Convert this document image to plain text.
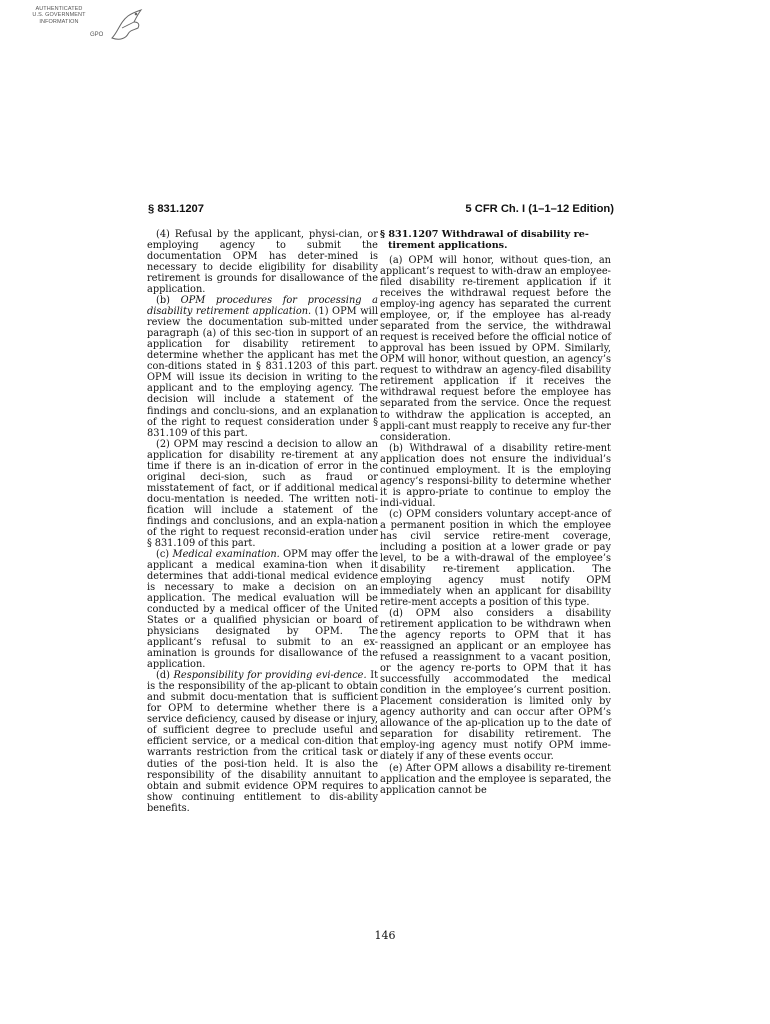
AUTHENTICATED
U.S. GOVERNMENT
INFORMATION
GPO
§ 831.1207	5 CFR Ch. I (1–1–12 Edition)

(4) Refusal by the applicant, physi-cian, or employing agency to submit the documentation OPM has deter-mined is necessary to decide eligibility for disability retirement is grounds for disallowance of the application.

(b) OPM procedures for processing a disability retirement application. (1) OPM will review the documentation sub-mitted under paragraph (a) of this sec-tion in support of an application for disability retirement to determine whether the applicant has met the con-ditions stated in § 831.1203 of this part. OPM will issue its decision in writing to the applicant and to the employing agency. The decision will include a statement of the findings and conclu-sions, and an explanation of the right to request consideration under § 831.109 of this part.

(2) OPM may rescind a decision to allow an application for disability re-tirement at any time if there is an in-dication of error in the original deci-sion, such as fraud or misstatement of fact, or if additional medical docu-mentation is needed. The written noti-fication will include a statement of the findings and conclusions, and an expla-nation of the right to request reconsid-eration under § 831.109 of this part.

(c) Medical examination. OPM may offer the applicant a medical examina-tion when it determines that addi-tional medical evidence is necessary to make a decision on an application. The medical evaluation will be conducted by a medical officer of the United States or a qualified physician or board of physicians designated by OPM. The applicant’s refusal to submit to an ex-amination is grounds for disallowance of the application.

(d) Responsibility for providing evi-dence. It is the responsibility of the ap-plicant to obtain and submit docu-mentation that is sufficient for OPM to determine whether there is a service deficiency, caused by disease or injury, of sufficient degree to preclude useful and efficient service, or a medical con-dition that warrants restriction from the critical task or duties of the posi-tion held. It is also the responsibility of the disability annuitant to obtain and submit evidence OPM requires to show continuing entitlement to dis-ability benefits.

§ 831.1207 Withdrawal of disability re-tirement applications.

(a) OPM will honor, without ques-tion, an applicant’s request to with-draw an employee-filed disability re-tirement application if it receives the withdrawal request before the employ-ing agency has separated the current employee, or, if the employee has al-ready separated from the service, the withdrawal request is received before the official notice of approval has been issued by OPM. Similarly, OPM will honor, without question, an agency’s request to withdraw an agency-filed disability retirement application if it receives the withdrawal request before the employee has separated from the service. Once the request to withdraw the application is accepted, an appli-cant must reapply to receive any fur-ther consideration.

(b) Withdrawal of a disability retire-ment application does not ensure the individual’s continued employment. It is the employing agency’s responsi-bility to determine whether it is appro-priate to continue to employ the indi-vidual.

(c) OPM considers voluntary accept-ance of a permanent position in which the employee has civil service retire-ment coverage, including a position at a lower grade or pay level, to be a with-drawal of the employee’s disability re-tirement application. The employing agency must notify OPM immediately when an applicant for disability retire-ment accepts a position of this type.

(d) OPM also considers a disability retirement application to be withdrawn when the agency reports to OPM that it has reassigned an applicant or an employee has refused a reassignment to a vacant position, or the agency re-ports to OPM that it has successfully accommodated the medical condition in the employee’s current position. Placement consideration is limited only by agency authority and can occur after OPM’s allowance of the ap-plication up to the date of separation for disability retirement. The employ-ing agency must notify OPM imme-diately if any of these events occur.

(e) After OPM allows a disability re-tirement application and the employee is separated, the application cannot be

146
